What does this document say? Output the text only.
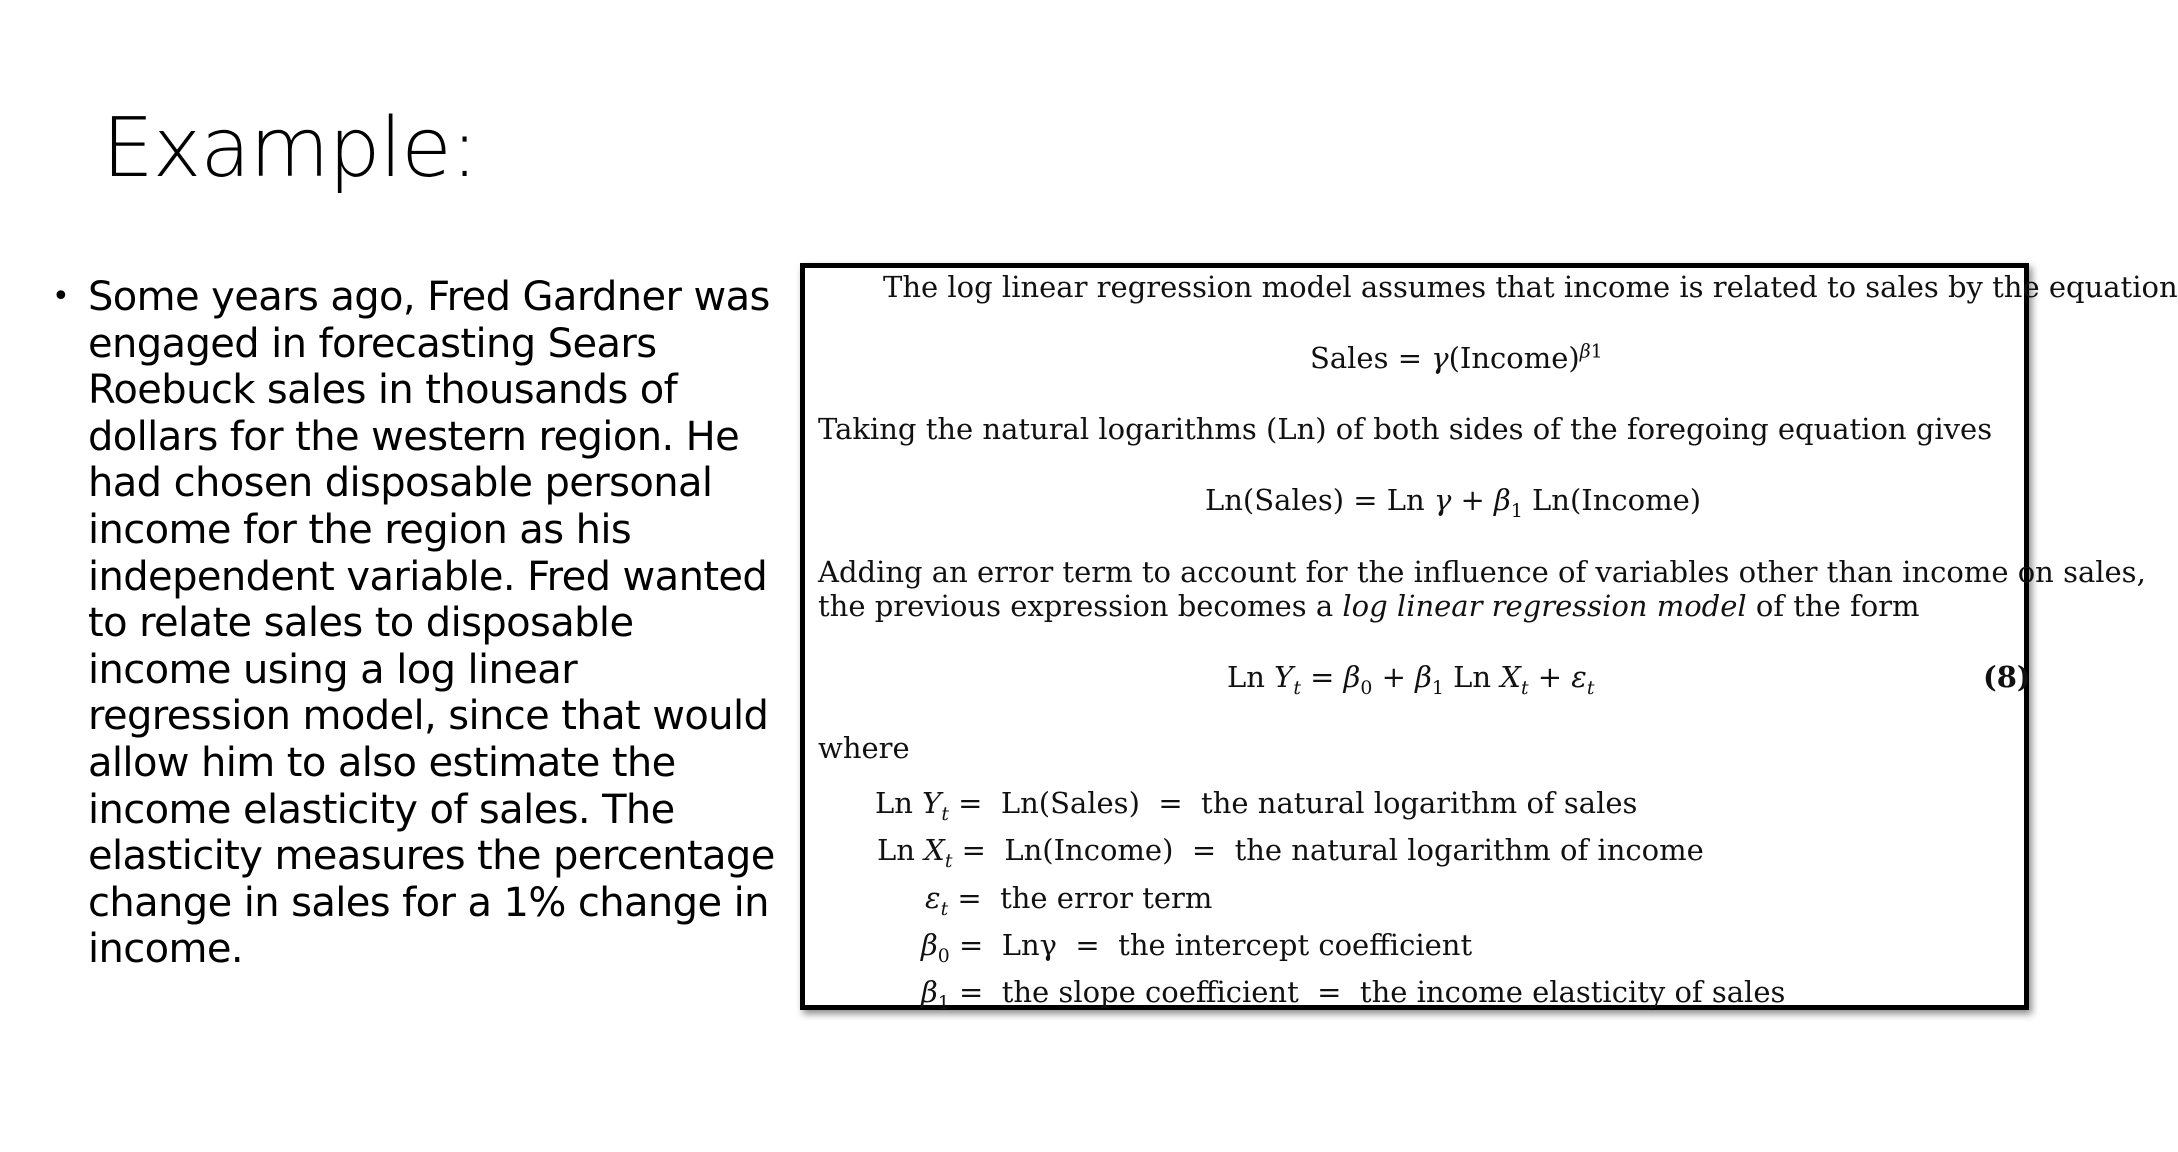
Example:
• Some years ago, Fred Gardner was engaged in forecasting Sears Roebuck sales in thousands of dollars for the western region. He had chosen disposable personal income for the region as his independent variable. Fred wanted to relate sales to disposable income using a log linear regression model, since that would allow him to also estimate the income elasticity of sales. The elasticity measures the percentage change in sales for a 1% change in income.

The log linear regression model assumes that income is related to sales by the equation
Sales = γ(Income)$^{\beta 1}$
Taking the natural logarithms (Ln) of both sides of the foregoing equation gives
Ln(Sales) = Ln $\gamma + \beta_1$ Ln(Income)
Adding an error term to account for the influence of variables other than income on sales,
the previous expression becomes a log linear regression model of the form
Ln $Y_t = \beta_0 + \beta_1$ Ln $X_t + \varepsilon_t$	(8)
where
Ln $Y_t$ =  Ln(Sales)  =  the natural logarithm of sales
Ln $X_t$ =  Ln(Income)  =  the natural logarithm of income
$\varepsilon_t$ =  the error term
$\beta_0 = Ln\gamma$  =  the intercept coefficient
$\beta_1$ =  the slope coefficient  =  the income elasticity of sales
